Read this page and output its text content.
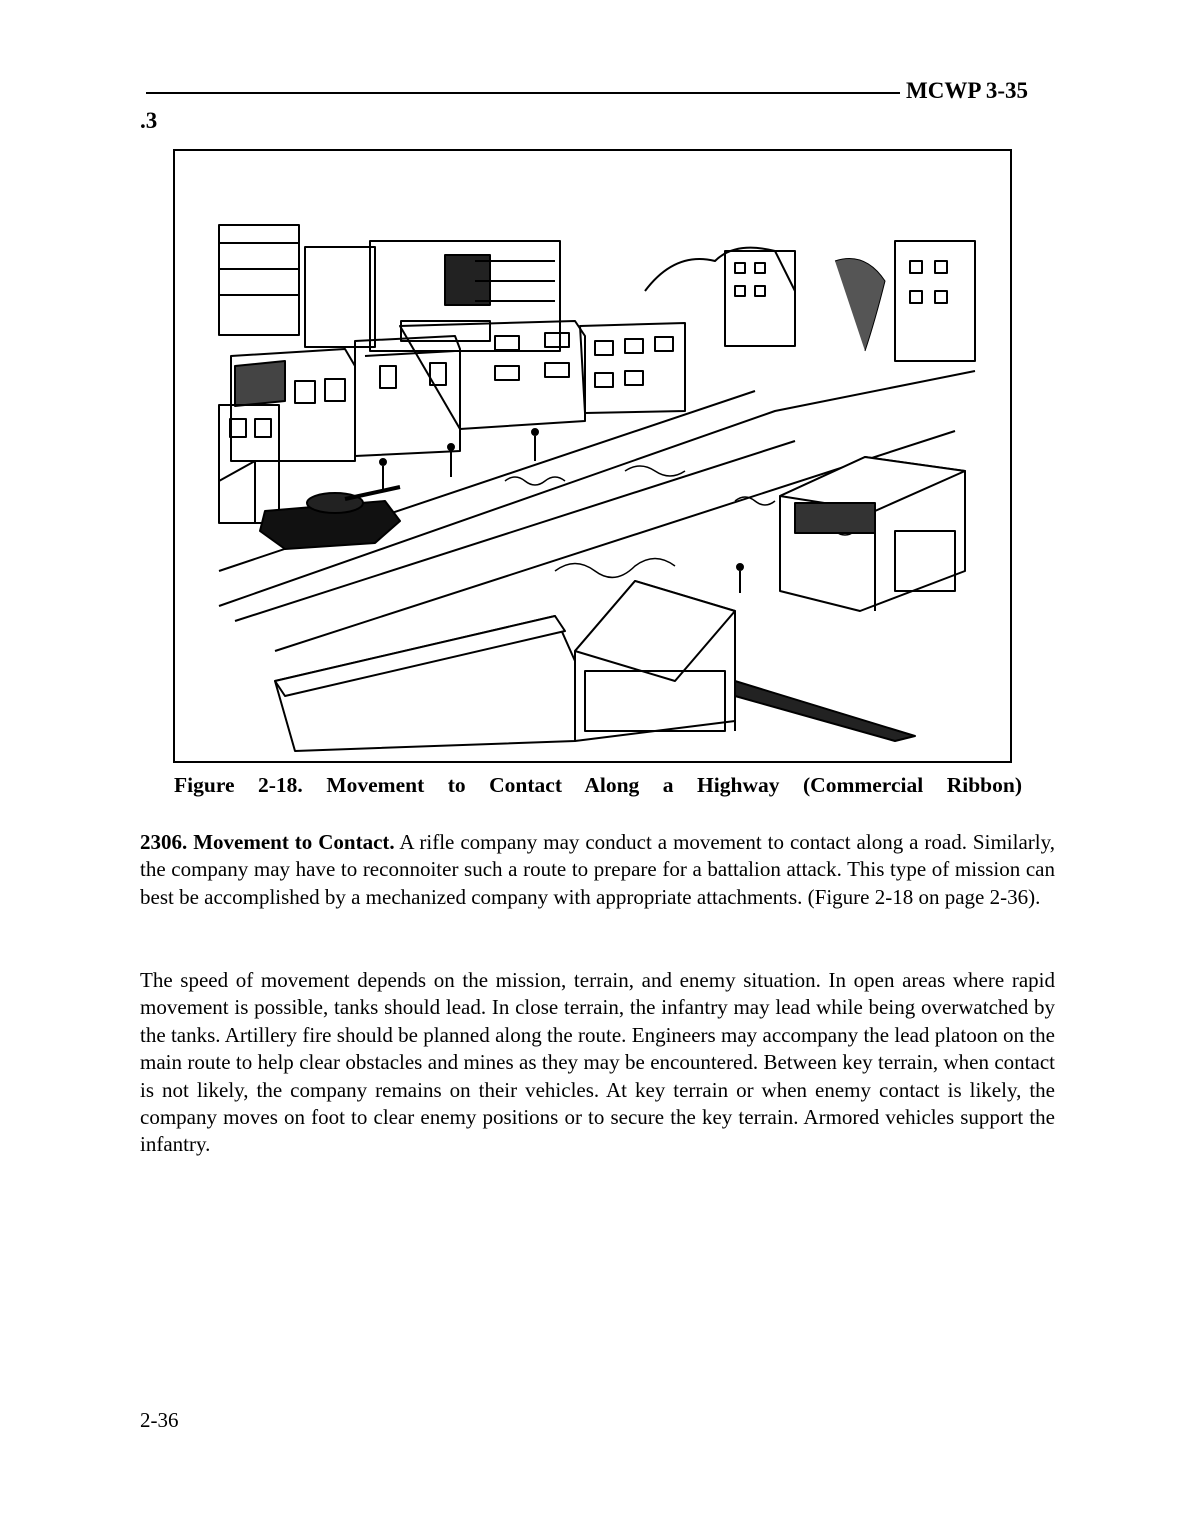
MCWP 3-35
.3
Figure 2-18. Movement to Contact Along a Highway (Commercial Ribbon)

2306. Movement to Contact. A rifle company may conduct a movement to contact along a road. Similarly, the company may have to reconnoiter such a route to prepare for a battalion attack. This type of mission can best be accomplished by a mechanized company with appropriate attachments. (Figure 2-18 on page 2-36).

The speed of movement depends on the mission, terrain, and enemy situation. In open areas where rapid movement is possible, tanks should lead. In close terrain, the infantry may lead while being overwatched by the tanks. Artillery fire should be planned along the route. Engineers may accompany the lead platoon on the main route to help clear obstacles and mines as they may be encountered. Between key terrain, when contact is not likely, the company remains on their vehicles. At key terrain or when enemy contact is likely, the company moves on foot to clear enemy positions or to secure the key terrain. Armored vehicles support the infantry.

2-36
